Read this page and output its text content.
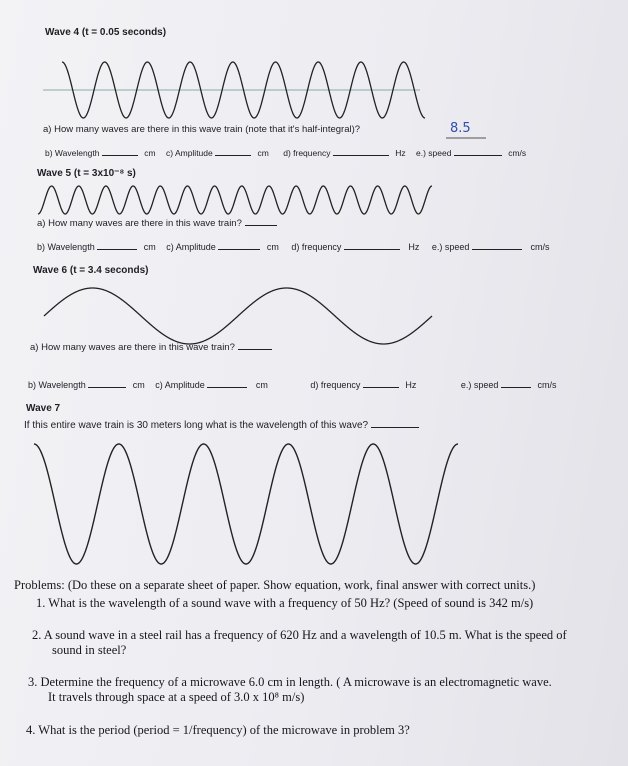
Wave 4 (t = 0.05 seconds)
a) How many waves are there in this wave train (note that it's half-integral)?	8.5
b) Wavelength	cm c) Amplitude	cm d) frequency	Hz e.) speed	cm/s
Wave 5 (t = 3x10⁻⁸ s)
a) How many waves are there in this wave train?
b) Wavelength	cm c) Amplitude	cm d) frequency	Hz e.) speed	cm/s
Wave 6 (t = 3.4 seconds)
a) How many waves are there in this wave train?
b) Wavelength	cm c) Amplitude	cm	d) frequency	Hz	e.) speed	cm/s
Wave 7
If this entire wave train is 30 meters long what is the wavelength of this wave?
Problems: (Do these on a separate sheet of paper. Show equation, work, final answer with correct units.)
1. What is the wavelength of a sound wave with a frequency of 50 Hz? (Speed of sound is 342 m/s)
2. A sound wave in a steel rail has a frequency of 620 Hz and a wavelength of 10.5 m. What is the speed of
sound in steel?
3. Determine the frequency of a microwave 6.0 cm in length. ( A microwave is an electromagnetic wave.
It travels through space at a speed of 3.0 x 10⁸ m/s)
4. What is the period (period = 1/frequency) of the microwave in problem 3?
